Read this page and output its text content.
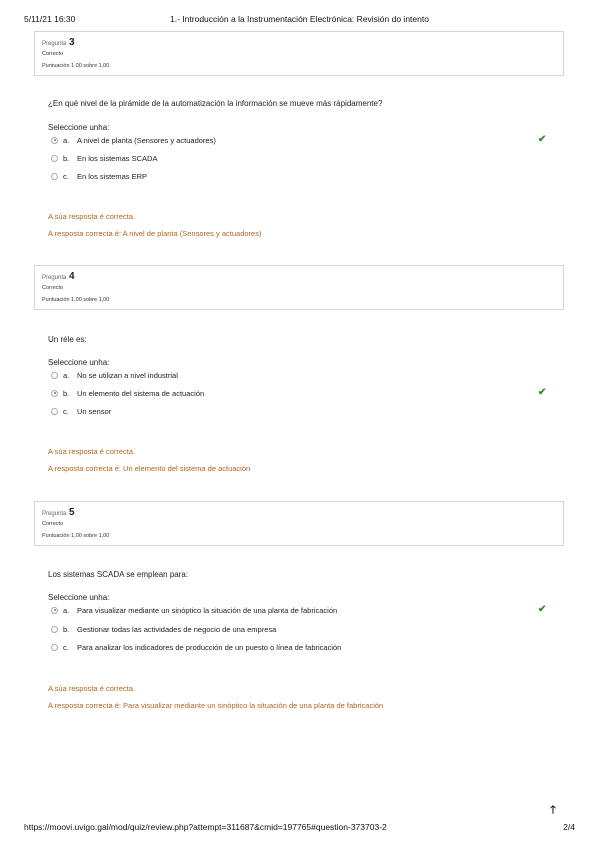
5/11/21 16:30	1.- Introducción a la Instrumentación Electrónica: Revisión do intento
Pregunta 3
Correcto
Puntuación 1,00 sobre 1,00
¿En qué nivel de la pirámide de la automatización la información se mueve más rápidamente?
Seleccione unha:
a. A nivel de planta (Sensores y actuadores)	✔
b. En los sistemas SCADA
c. En los sistemas ERP
A súa resposta é correcta.
A resposta correcta é: A nivel de planta (Sensores y actuadores)
Pregunta 4
Correcto
Puntuación 1,00 sobre 1,00
Un réle es:
Seleccione unha:
a. No se utilizan a nivel industrial
b. Un elemento del sistema de actuación	✔
c. Un sensor
A súa resposta é correcta.
A resposta correcta é: Un elemento del sistema de actuación
Pregunta 5
Correcto
Puntuación 1,00 sobre 1,00
Los sistemas SCADA se emplean para:
Seleccione unha:
a. Para visualizar mediante un sinóptico la situación de una planta de fabricación	✔
b. Gestionar todas las actividades de negocio de una empresa
c. Para analizar los indicadores de producción de un puesto o línea de fabricación
A súa resposta é correcta.
A resposta correcta é: Para visualizar mediante un sinóptico la situación de una planta de fabricación
🡑
https://moovi.uvigo.gal/mod/quiz/review.php?attempt=311687&cmid=197765#question-373703-2	2/4
